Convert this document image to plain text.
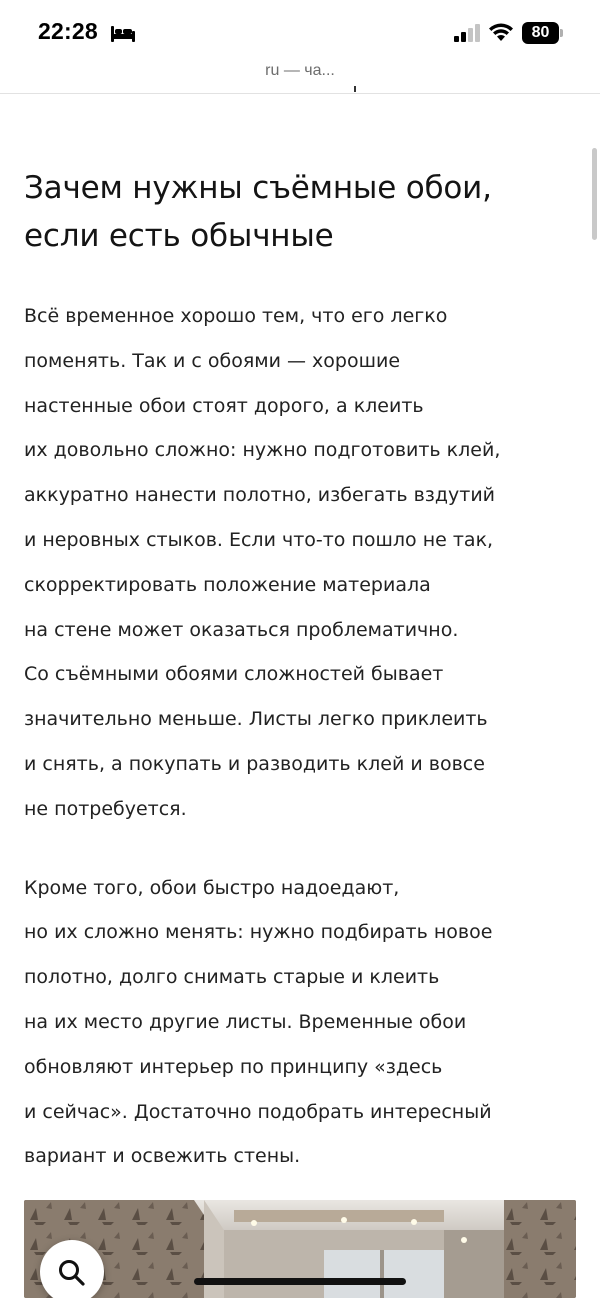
22:28	80
ru — ча...
Зачем нужны съёмные обои,
если есть обычные

Всё временное хорошо тем, что его легко
поменять. Так и с обоями — хорошие
настенные обои стоят дорого, а клеить
их довольно сложно: нужно подготовить клей,
аккуратно нанести полотно, избегать вздутий
и неровных стыков. Если что-то пошло не так,
скорректировать положение материала
на стене может оказаться проблематично.
Со съёмными обоями сложностей бывает
значительно меньше. Листы легко приклеить
и снять, а покупать и разводить клей и вовсе
не потребуется.

Кроме того, обои быстро надоедают,
но их сложно менять: нужно подбирать новое
полотно, долго снимать старые и клеить
на их место другие листы. Временные обои
обновляют интерьер по принципу «здесь
и сейчас». Достаточно подобрать интересный
вариант и освежить стены.
